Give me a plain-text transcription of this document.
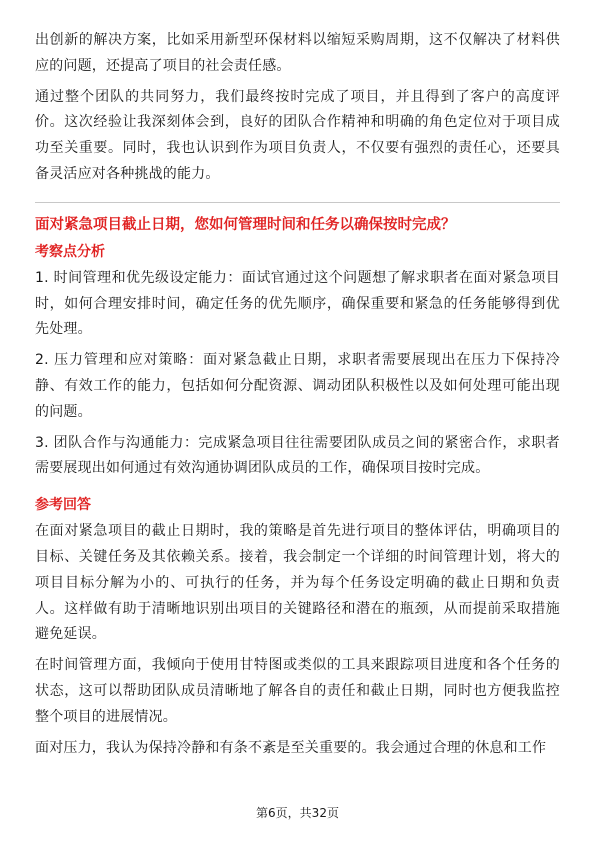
出创新的解决方案，比如采用新型环保材料以缩短采购周期，这不仅解决了材料供应的问题，还提高了项目的社会责任感。

通过整个团队的共同努力，我们最终按时完成了项目，并且得到了客户的高度评价。这次经验让我深刻体会到，良好的团队合作精神和明确的角色定位对于项目成功至关重要。同时，我也认识到作为项目负责人，不仅要有强烈的责任心，还要具备灵活应对各种挑战的能力。

面对紧急项目截止日期，您如何管理时间和任务以确保按时完成？

考察点分析

1. 时间管理和优先级设定能力：面试官通过这个问题想了解求职者在面对紧急项目时，如何合理安排时间，确定任务的优先顺序，确保重要和紧急的任务能够得到优先处理。

2. 压力管理和应对策略：面对紧急截止日期，求职者需要展现出在压力下保持冷静、有效工作的能力，包括如何分配资源、调动团队积极性以及如何处理可能出现的问题。

3. 团队合作与沟通能力：完成紧急项目往往需要团队成员之间的紧密合作，求职者需要展现出如何通过有效沟通协调团队成员的工作，确保项目按时完成。

参考回答

在面对紧急项目的截止日期时，我的策略是首先进行项目的整体评估，明确项目的目标、关键任务及其依赖关系。接着，我会制定一个详细的时间管理计划，将大的项目目标分解为小的、可执行的任务，并为每个任务设定明确的截止日期和负责人。这样做有助于清晰地识别出项目的关键路径和潜在的瓶颈，从而提前采取措施避免延误。

在时间管理方面，我倾向于使用甘特图或类似的工具来跟踪项目进度和各个任务的状态，这可以帮助团队成员清晰地了解各自的责任和截止日期，同时也方便我监控整个项目的进展情况。

面对压力，我认为保持冷静和有条不紊是至关重要的。我会通过合理的休息和工作

第6页，共32页
